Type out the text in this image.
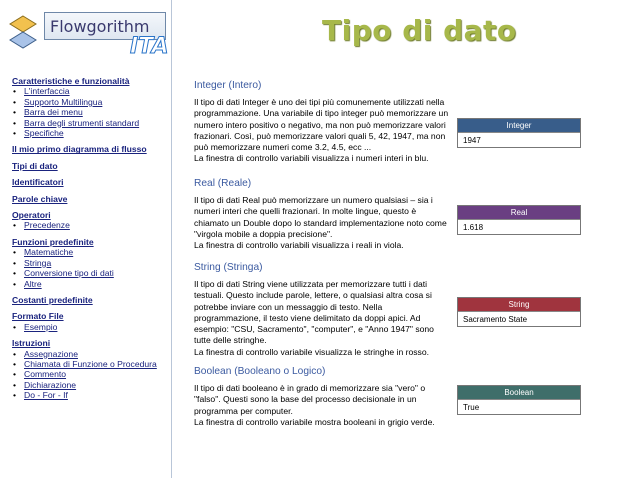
Flowgorithm
ITA
Caratteristiche e funzionalità
• L'interfaccia
• Supporto Multilingua
• Barra dei menu
• Barra degli strumenti standard
• Specifiche
Il mio primo diagramma di flusso
Tipi di dato
Identificatori
Parole chiave
Operatori
• Precedenze
Funzioni predefinite
• Matematiche
• Stringa
• Conversione tipo di dati
• Altre
Costanti predefinite
Formato File
• Esempio
Istruzioni
• Assegnazione
• Chiamata di Funzione o Procedura
• Commento
• Dichiarazione
• Do - For - If
Tipo di dato
Integer (Intero)
Il tipo di dati Integer è uno dei tipi più comunemente utilizzati nella
programmazione. Una variabile di tipo integer può memorizzare un
numero intero positivo o negativo, ma non può memorizzare valori
frazionari. Così, può memorizzare valori quali 5, 42, 1947, ma non
può memorizzare numeri come 3.2, 4.5, ecc ...
La finestra di controllo variabili visualizza i numeri interi in blu.
Integer
1947
Real (Reale)
Il tipo di dati Real può memorizzare un numero qualsiasi – sia i
numeri interi che quelli frazionari. In molte lingue, questo è
chiamato un Double dopo lo standard implementazione noto come
"virgola mobile a doppia precisione".
La finestra di controllo variabili visualizza i reali in viola.
Real
1.618
String (Stringa)
Il tipo di dati String viene utilizzata per memorizzare tutti i dati
testuali. Questo include parole, lettere, o qualsiasi altra cosa si
potrebbe inviare con un messaggio di testo. Nella
programmazione, il testo viene delimitato da doppi apici. Ad
esempio: "CSU, Sacramento", "computer", e "Anno 1947" sono
tutte delle stringhe.
La finestra di controllo variabile visualizza le stringhe in rosso.
String
Sacramento State
Boolean (Booleano o Logico)
Il tipo di dati booleano è in grado di memorizzare sia "vero" o
"falso". Questi sono la base del processo decisionale in un
programma per computer.
La finestra di controllo variabile mostra booleani in grigio verde.
Boolean
True
